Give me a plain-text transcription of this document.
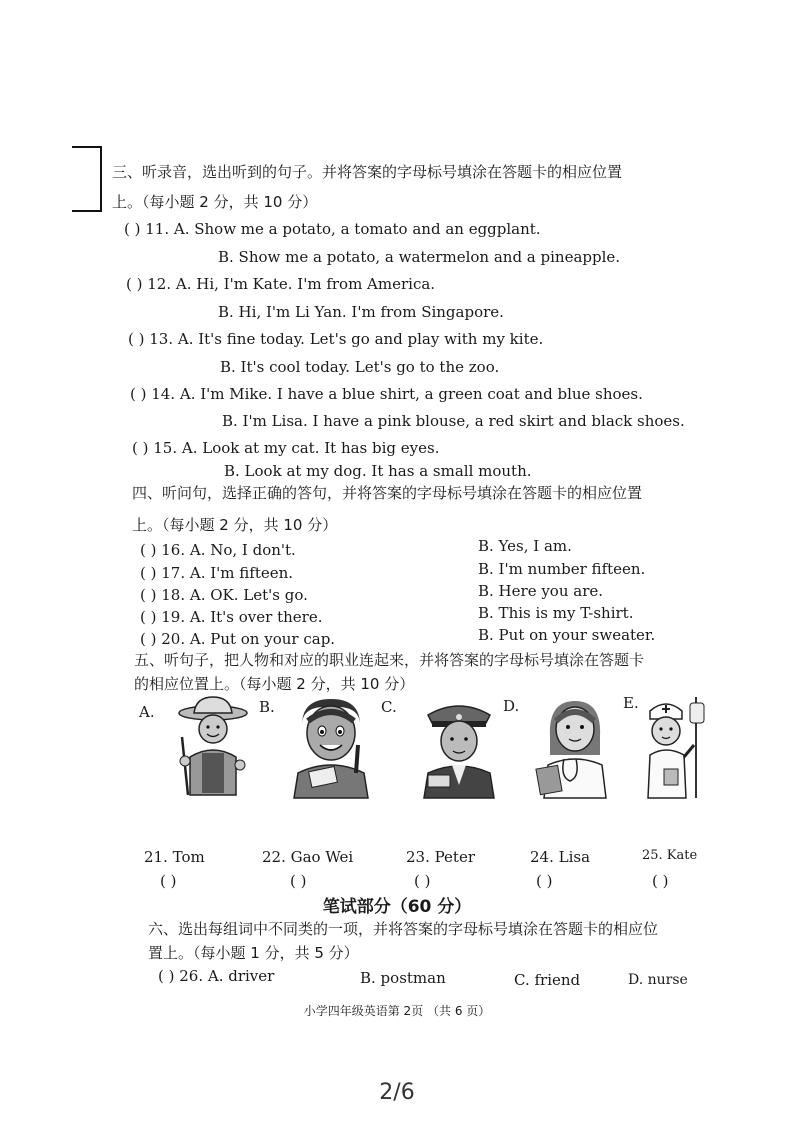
三、听录音，选出听到的句子。并将答案的字母标号填涂在答题卡的相应位置
上。（每小题 2 分，共 10 分）
( ) 11. A. Show me a potato, a tomato and an eggplant.
B. Show me a potato, a watermelon and a pineapple.
( ) 12. A. Hi, I'm Kate. I'm from America.
B. Hi, I'm Li Yan. I'm from Singapore.
( ) 13. A. It's fine today. Let's go and play with my kite.
B. It's cool today. Let's go to the zoo.
( ) 14. A. I'm Mike. I have a blue shirt, a green coat and blue shoes.
B. I'm Lisa. I have a pink blouse, a red skirt and black shoes.
( ) 15. A. Look at my cat. It has big eyes.
B. Look at my dog. It has a small mouth.
四、听问句，选择正确的答句，并将答案的字母标号填涂在答题卡的相应位置
上。（每小题 2 分，共 10 分）
( ) 16. A. No, I don't.	B. Yes, I am.
( ) 17. A. I'm fifteen.	B. I'm number fifteen.
( ) 18. A. OK. Let's go.	B. Here you are.
( ) 19. A. It's over there.	B. This is my T-shirt.
( ) 20. A. Put on your cap.	B. Put on your sweater.
五、听句子，把人物和对应的职业连起来，并将答案的字母标号填涂在答题卡
的相应位置上。（每小题 2 分，共 10 分）
A.	B.	C.	D.	E.
21. Tom	22. Gao Wei	23. Peter	24. Lisa	25. Kate
( )	( )	( )	( )	( )
笔试部分（60 分）
六、选出每组词中不同类的一项，并将答案的字母标号填涂在答题卡的相应位
置上。（每小题 1 分，共 5 分）
( ) 26. A. driver	B. postman	C. friend	D. nurse
小学四年级英语第 2页 （共 6 页）
2/6
